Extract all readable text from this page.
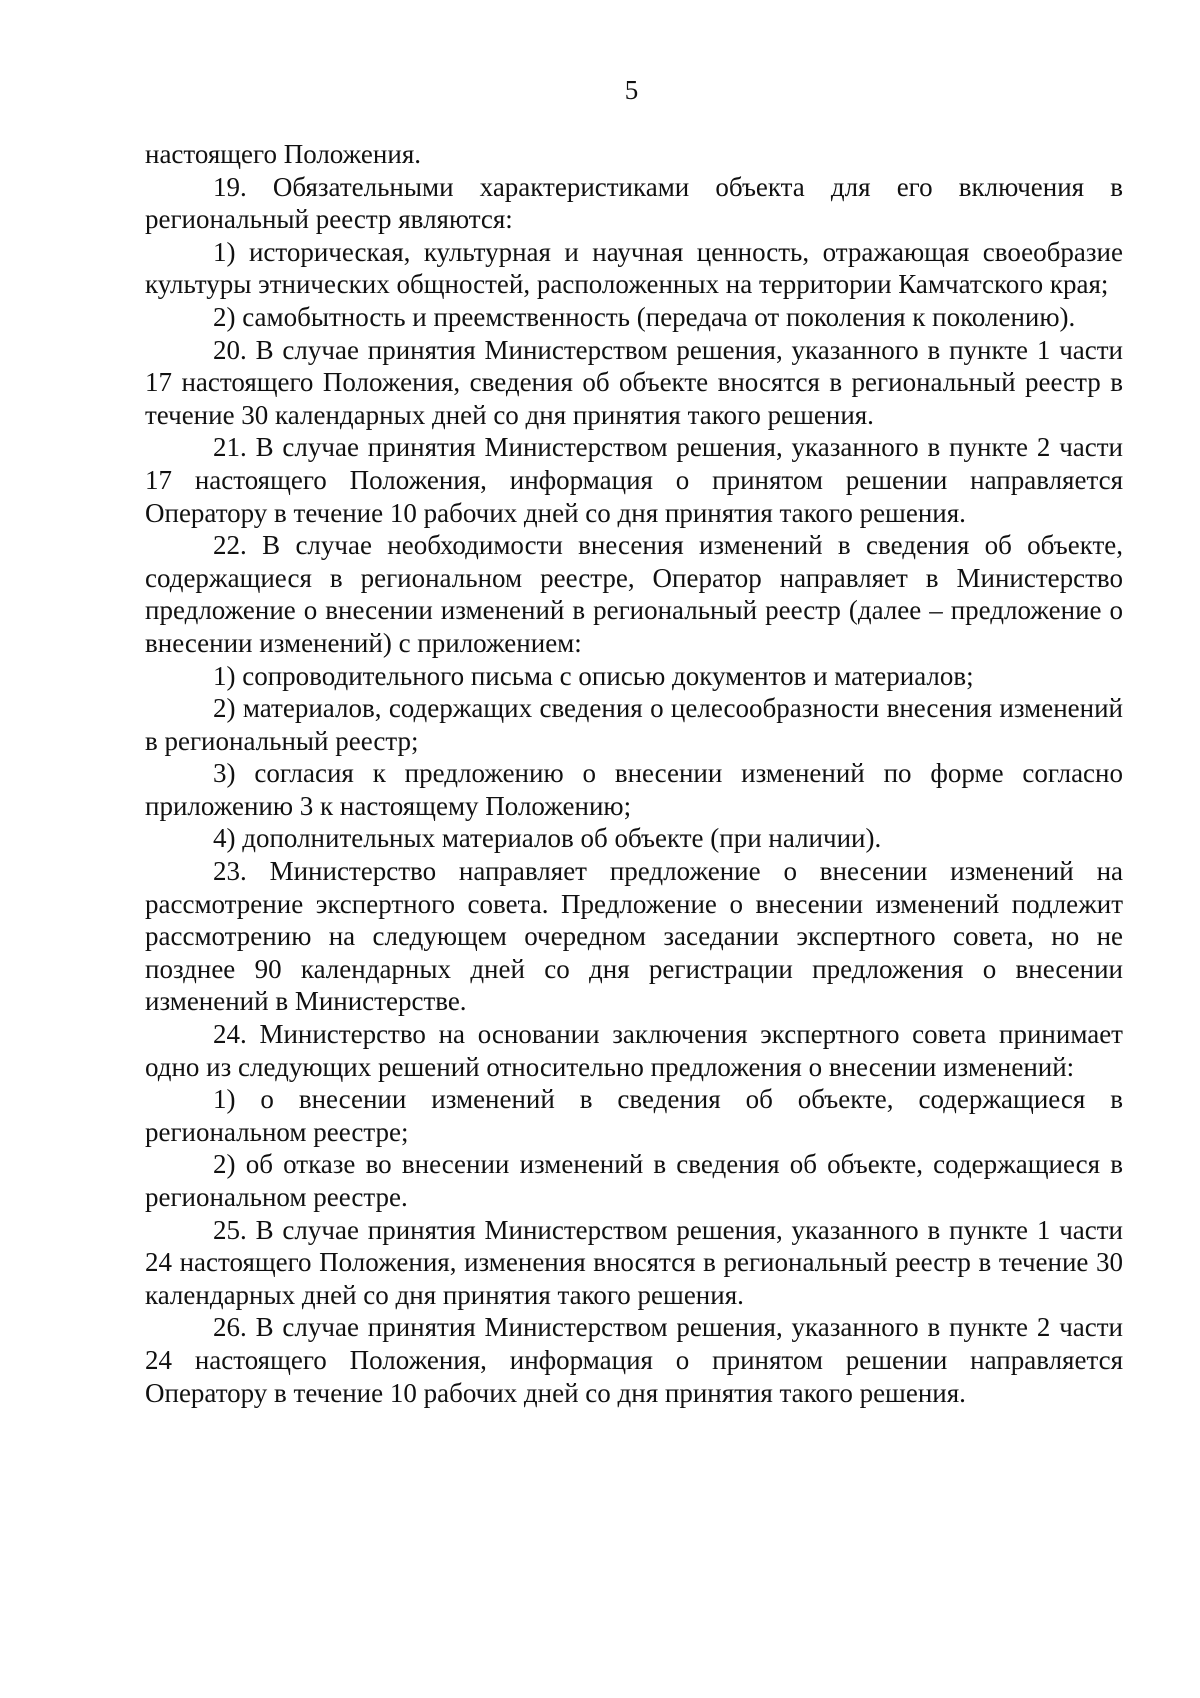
5

настоящего Положения.

19. Обязательными характеристиками объекта для его включения в региональный реестр являются:

1) историческая, культурная и научная ценность, отражающая своеобразие культуры этнических общностей, расположенных на территории Камчатского края;

2) самобытность и преемственность (передача от поколения к поколению).

20. В случае принятия Министерством решения, указанного в пункте 1 части 17 настоящего Положения, сведения об объекте вносятся в региональный реестр в течение 30 календарных дней со дня принятия такого решения.

21. В случае принятия Министерством решения, указанного в пункте 2 части 17 настоящего Положения, информация о принятом решении направляется Оператору в течение 10 рабочих дней со дня принятия такого решения.

22. В случае необходимости внесения изменений в сведения об объекте, содержащиеся в региональном реестре, Оператор направляет в Министерство предложение о внесении изменений в региональный реестр (далее – предложение о внесении изменений) с приложением:

1) сопроводительного письма с описью документов и материалов;

2) материалов, содержащих сведения о целесообразности внесения изменений в региональный реестр;

3) согласия к предложению о внесении изменений по форме согласно приложению 3 к настоящему Положению;

4) дополнительных материалов об объекте (при наличии).

23. Министерство направляет предложение о внесении изменений на рассмотрение экспертного совета. Предложение о внесении изменений подлежит рассмотрению на следующем очередном заседании экспертного совета, но не позднее 90 календарных дней со дня регистрации предложения о внесении изменений в Министерстве.

24. Министерство на основании заключения экспертного совета принимает одно из следующих решений относительно предложения о внесении изменений:

1) о внесении изменений в сведения об объекте, содержащиеся в региональном реестре;

2) об отказе во внесении изменений в сведения об объекте, содержащиеся в региональном реестре.

25. В случае принятия Министерством решения, указанного в пункте 1 части 24 настоящего Положения, изменения вносятся в региональный реестр в течение 30 календарных дней со дня принятия такого решения.

26. В случае принятия Министерством решения, указанного в пункте 2 части 24 настоящего Положения, информация о принятом решении направляется Оператору в течение 10 рабочих дней со дня принятия такого решения.
